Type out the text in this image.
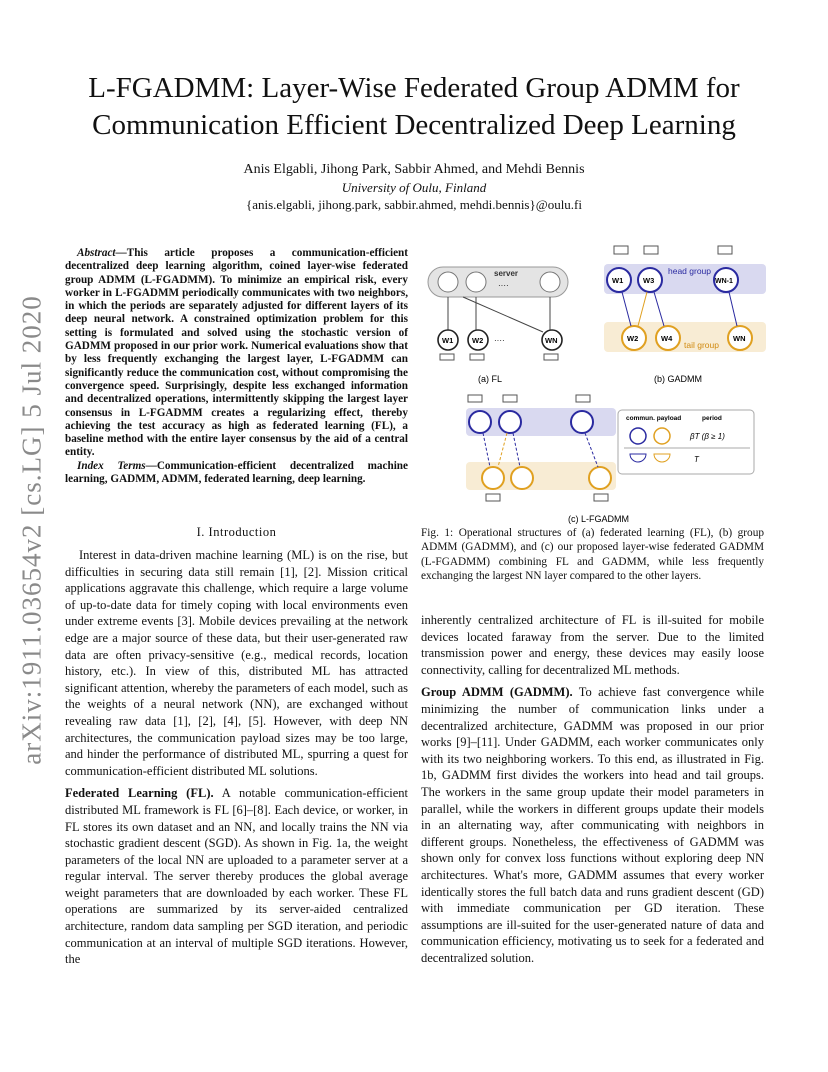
L-FGADMM: Layer-Wise Federated Group ADMM for
Communication Efficient Decentralized Deep Learning
Anis Elgabli, Jihong Park, Sabbir Ahmed, and Mehdi Bennis
University of Oulu, Finland
{anis.elgabli, jihong.park, sabbir.ahmed, mehdi.bennis}@oulu.fi
arXiv:1911.03654v2 [cs.LG] 5 Jul 2020
Abstract—This article proposes a communication-efficient decentralized deep learning algorithm, coined layer-wise federated group ADMM (L-FGADMM). To minimize an empirical risk, every worker in L-FGADMM periodically communicates with two neighbors, in which the periods are separately adjusted for different layers of its deep neural network. A constrained optimization problem for this setting is formulated and solved using the stochastic version of GADMM proposed in our prior work. Numerical evaluations show that by less frequently exchanging the largest layer, L-FGADMM can significantly reduce the communication cost, without compromising the convergence speed. Surprisingly, despite less exchanged information and decentralized operations, intermittently skipping the largest layer consensus in L-FGADMM creates a regularizing effect, thereby achieving the test accuracy as high as federated learning (FL), a baseline method with the entire layer consensus by the aid of a central entity.
Index Terms—Communication-efficient decentralized machine learning, GADMM, ADMM, federated learning, deep learning.
I. Introduction

Interest in data-driven machine learning (ML) is on the rise, but difficulties in securing data still remain [1], [2]. Mission critical applications aggravate this challenge, which require a large volume of up-to-date data for timely coping with local environments even under extreme events [3]. Mobile devices prevailing at the network edge are a major source of these data, but their user-generated raw data are often privacy-sensitive (e.g., medical records, location history, etc.). In view of this, distributed ML has attracted significant attention, whereby the parameters of each model, such as the weights of a neural network (NN), are exchanged without revealing raw data [1], [2], [4], [5]. However, with deep NN architectures, the communication payload sizes may be too large, and hinder the performance of distributed ML, spurring a quest for communication-efficient distributed ML solutions.

Federated Learning (FL). A notable communication-efficient distributed ML framework is FL [6]–[8]. Each device, or worker, in FL stores its own dataset and an NN, and locally trains the NN via stochastic gradient descent (SGD). As shown in Fig. 1a, the weight parameters of the local NN are uploaded to a parameter server at a regular interval. The server thereby produces the global average weight parameters that are downloaded by each worker. These FL operations are summarized by its server-aided centralized architecture, random data sampling per SGD iteration, and periodic communication at an interval of multiple SGD iterations. However, the

server
····
W1	W2 ····	WN
(a) FL
head group
tail group
W1	W3	WN-1
W2	W4	WN
(b) GADMM
commun. payload	period
βT (β ≥ 1)
T
(c) L-FGADMM
Fig. 1: Operational structures of (a) federated learning (FL), (b) group ADMM (GADMM), and (c) our proposed layer-wise federated GADMM (L-FGADMM) combining FL and GADMM, while less frequently exchanging the largest NN layer compared to the other layers.

inherently centralized architecture of FL is ill-suited for mobile devices located faraway from the server. Due to the limited transmission power and energy, these devices may easily loose connectivity, calling for decentralized ML methods.

Group ADMM (GADMM). To achieve fast convergence while minimizing the number of communication links under a decentralized architecture, GADMM was proposed in our prior works [9]–[11]. Under GADMM, each worker communicates only with its two neighboring workers. To this end, as illustrated in Fig. 1b, GADMM first divides the workers into head and tail groups. The workers in the same group update their model parameters in parallel, while the workers in different groups update their models in an alternating way, after communicating with neighbors in different groups. Nonetheless, the effectiveness of GADMM was shown only for convex loss functions without exploring deep NN architectures. What's more, GADMM assumes that every worker identically stores the full batch data and runs gradient descent (GD) with immediate communication per GD iteration. These assumptions are ill-suited for the user-generated nature of data and communication efficiency, motivating us to seek for a federated and decentralized solution.
